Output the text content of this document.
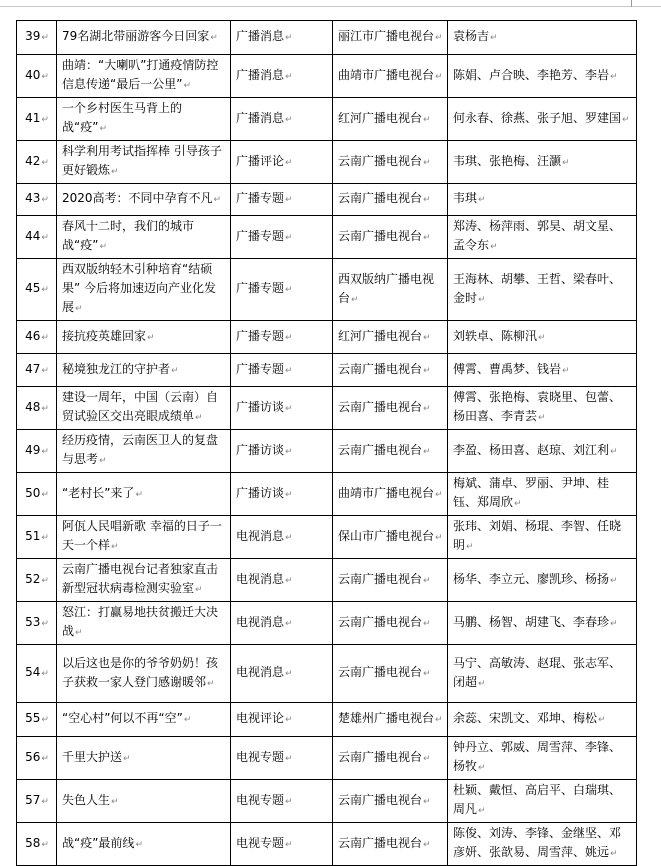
39↵	79名湖北带丽游客今日回家↵	广播消息↵	丽江市广播电视台↵	袁杨吉↵
40↵	曲靖：“大喇叭”打通疫情防控信息传递“最后一公里”↵	广播消息↵	曲靖市广播电视台↵	陈娟、卢合映、李艳芳、李岩↵
41↵	一个乡村医生马背上的战“疫”↵	广播消息↵	红河广播电视台↵	何永春、徐燕、张子旭、罗建国↵
42↵	科学利用考试指挥棒 引导孩子更好锻炼↵	广播评论↵	云南广播电视台↵	韦琪、张艳梅、汪灏↵
43↵	2020高考：不同中孕育不凡↵	广播专题↵	云南广播电视台↵	韦琪↵
44↵	春风十二时，我们的城市战“疫”↵	广播专题↵	云南广播电视台↵	郑涛、杨萍雨、郭昊、胡文星、孟令东↵
45↵	西双版纳轻木引种培育“结硕果” 今后将加速迈向产业化发展↵	广播专题↵	西双版纳广播电视台↵	王海林、胡攀、王哲、梁春叶、金时↵
46↵	接抗疫英雄回家↵	广播专题↵	红河广播电视台↵	刘轶卓、陈柳汛↵
47↵	秘境独龙江的守护者↵	广播专题↵	云南广播电视台↵	傅霄、曹禹梦、钱岩↵
48↵	建设一周年，中国（云南）自贸试验区交出亮眼成绩单↵	广播访谈↵	云南广播电视台↵	傅霄、张艳梅、袁晓里、包蕾、杨田喜、李青芸↵
49↵	经历疫情，云南医卫人的复盘与思考↵	广播访谈↵	云南广播电视台↵	李盈、杨田喜、赵琼、刘江利↵
50↵	“老村长”来了↵	广播访谈↵	曲靖市广播电视台↵	梅斌、蒲卓、罗丽、尹坤、桂钰、郑周欣↵
51↵	阿佤人民唱新歌 幸福的日子一天一个样↵	电视消息↵	保山市广播电视台↵	张玮、刘娟、杨琨、李智、任晓明↵
52↵	云南广播电视台记者独家直击新型冠状病毒检测实验室↵	电视消息↵	云南广播电视台↵	杨华、李立元、廖凯珍、杨扬↵
53↵	怒江：打赢易地扶贫搬迁大决战↵	电视消息↵	云南广播电视台↵	马鹏、杨智、胡建飞、李春珍↵
54↵	以后这也是你的爷爷奶奶！孩子获救一家人登门感谢暖邻↵	电视消息↵	云南广播电视台↵	马宁、高敏涛、赵琨、张志军、闭超↵
55↵	“空心村”何以不再“空”↵	电视评论↵	楚雄州广播电视台↵	余蕊、宋凯文、邓坤、梅松↵
56↵	千里大护送↵	电视专题↵	云南广播电视台↵	钟丹立、郭威、周雪萍、李锋、杨牧↵
57↵	失色人生↵	电视专题↵	云南广播电视台↵	杜颖、戴恒、高启平、白瑞琪、周凡↵
58↵	战“疫”最前线↵	电视专题↵	云南广播电视台↵	陈俊、刘涛、李锋、金继坚、邓彦妍、张歆易、周雪萍、姚远↵
